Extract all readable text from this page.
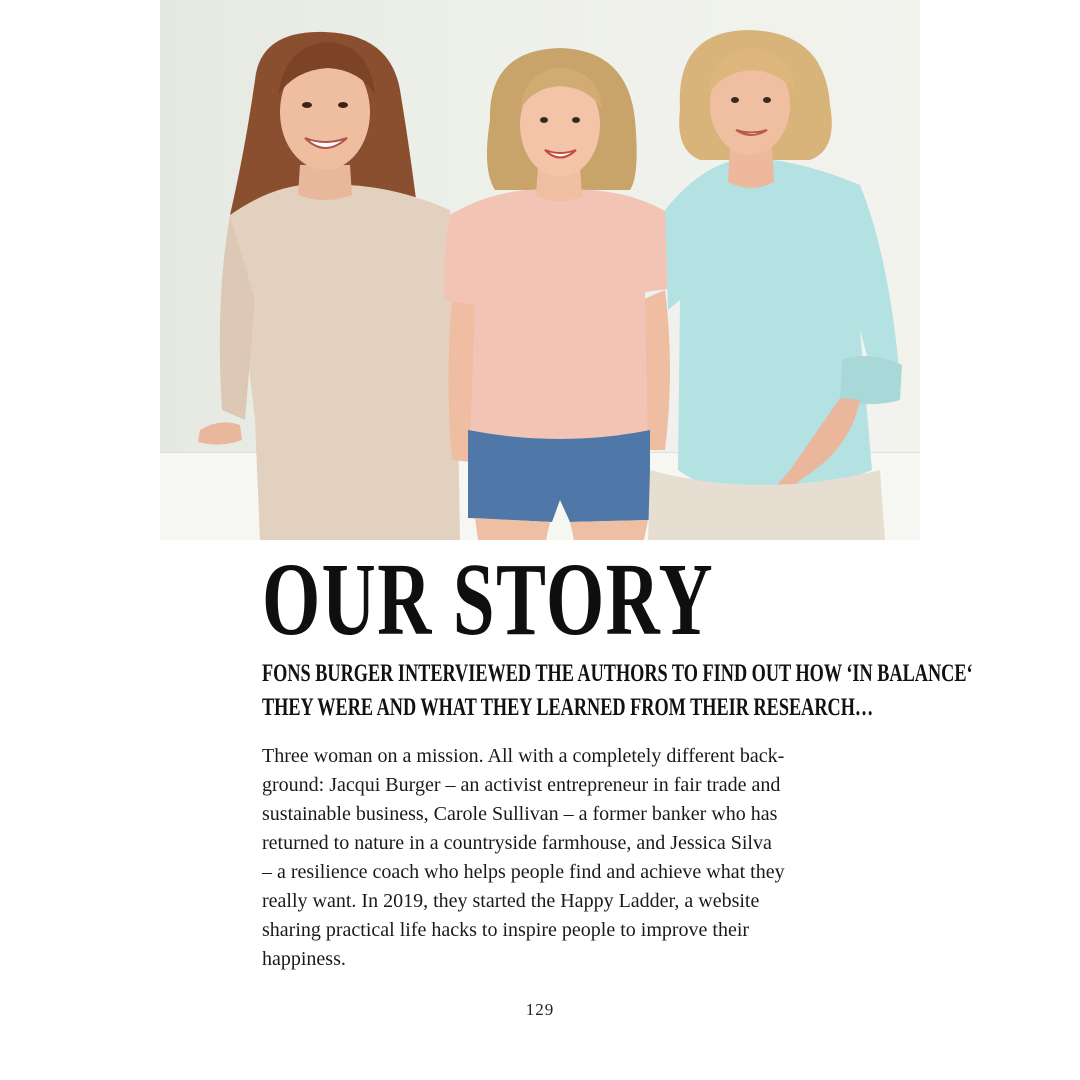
OUR STORY
FONS BURGER INTERVIEWED THE AUTHORS TO FIND OUT HOW ‘IN BALANCE‘
THEY WERE AND WHAT THEY LEARNED FROM THEIR RESEARCH…

Three woman on a mission. All with a completely different back-
ground: Jacqui Burger – an activist entrepreneur in fair trade and
sustainable business, Carole Sullivan – a former banker who has
returned to nature in a countryside farmhouse, and Jessica Silva
– a resilience coach who helps people find and achieve what they
really want. In 2019, they started the Happy Ladder, a website
sharing practical life hacks to inspire people to improve their
happiness.

129
